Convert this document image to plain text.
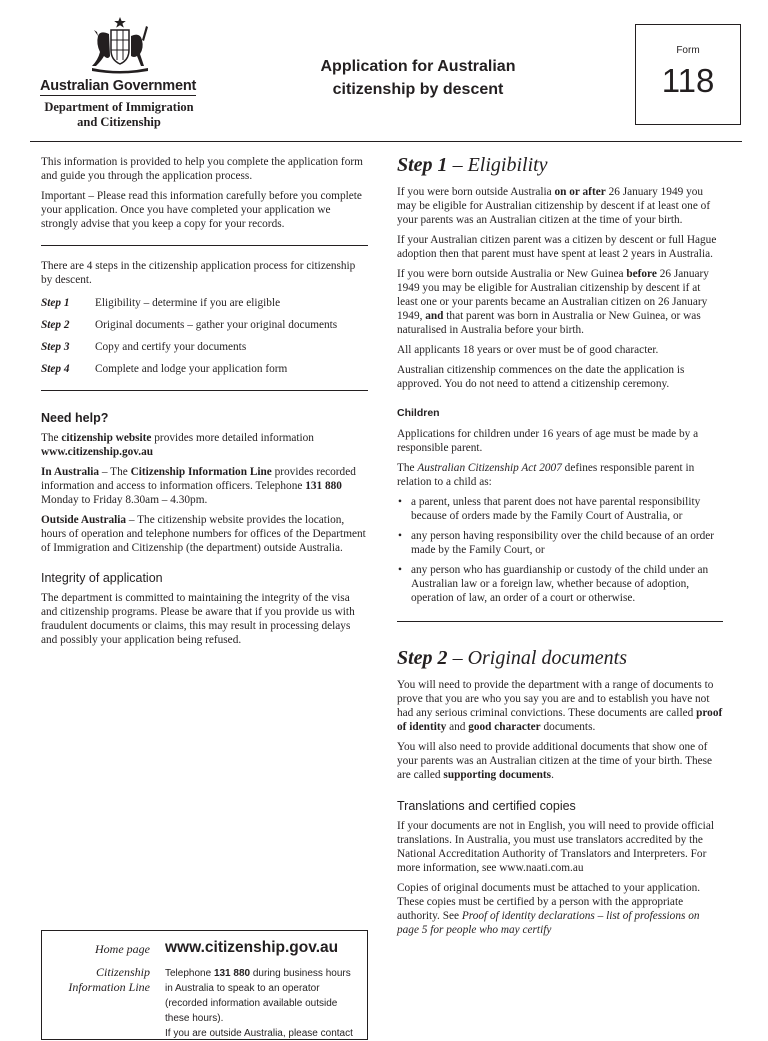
Australian Government
Department of Immigration
and Citizenship
Application for Australian
citizenship by descent
Form
118

This information is provided to help you complete the application form and guide you through the application process.

Important – Please read this information carefully before you complete your application. Once you have completed your application we strongly advise that you keep a copy for your records.

There are 4 steps in the citizenship application process for citizenship by descent.

Step 1	Eligibility – determine if you are eligible
Step 2	Original documents – gather your original documents
Step 3	Copy and certify your documents
Step 4	Complete and lodge your application form
Need help?

The citizenship website provides more detailed information www.citizenship.gov.au

In Australia – The Citizenship Information Line provides recorded information and access to information officers. Telephone 131 880 Monday to Friday 8.30am – 4.30pm.

Outside Australia – The citizenship website provides the location, hours of operation and telephone numbers for offices of the Department of Immigration and Citizenship (the department) outside Australia.

Integrity of application

The department is committed to maintaining the integrity of the visa and citizenship programs. Please be aware that if you provide us with fraudulent documents or claims, this may result in processing delays and possibly your application being refused.

Home page www.citizenship.gov.au
Citizenship
Information Line
Telephone 131 880 during business hours in Australia to speak to an operator (recorded information available outside these hours).
If you are outside Australia, please contact
Step 1 – Eligibility

If you were born outside Australia on or after 26 January 1949 you may be eligible for Australian citizenship by descent if at least one of your parents was an Australian citizen at the time of your birth.

If your Australian citizen parent was a citizen by descent or full Hague adoption then that parent must have spent at least 2 years in Australia.

If you were born outside Australia or New Guinea before 26 January 1949 you may be eligible for Australian citizenship by descent if at least one or your parents became an Australian citizen on 26 January 1949, and that parent was born in Australia or New Guinea, or was naturalised in Australia before your birth.

All applicants 18 years or over must be of good character.

Australian citizenship commences on the date the application is approved. You do not need to attend a citizenship ceremony.

Children

Applications for children under 16 years of age must be made by a responsible parent.

The Australian Citizenship Act 2007 defines responsible parent in relation to a child as:

• a parent, unless that parent does not have parental responsibility because of orders made by the Family Court of Australia, or
• any person having responsibility over the child because of an order made by the Family Court, or
• any person who has guardianship or custody of the child under an Australian law or a foreign law, whether because of adoption, operation of law, an order of a court or otherwise.
Step 2 – Original documents

You will need to provide the department with a range of documents to prove that you are who you say you are and to establish you have not had any serious criminal convictions. These documents are called proof of identity and good character documents.

You will also need to provide additional documents that show one of your parents was an Australian citizen at the time of your birth. These are called supporting documents.

Translations and certified copies

If your documents are not in English, you will need to provide official translations. In Australia, you must use translators accredited by the National Accreditation Authority of Translators and Interpreters. For more information, see www.naati.com.au

Copies of original documents must be attached to your application. These copies must be certified by a person with the appropriate authority. See Proof of identity declarations – list of professions on page 5 for people who may certify
